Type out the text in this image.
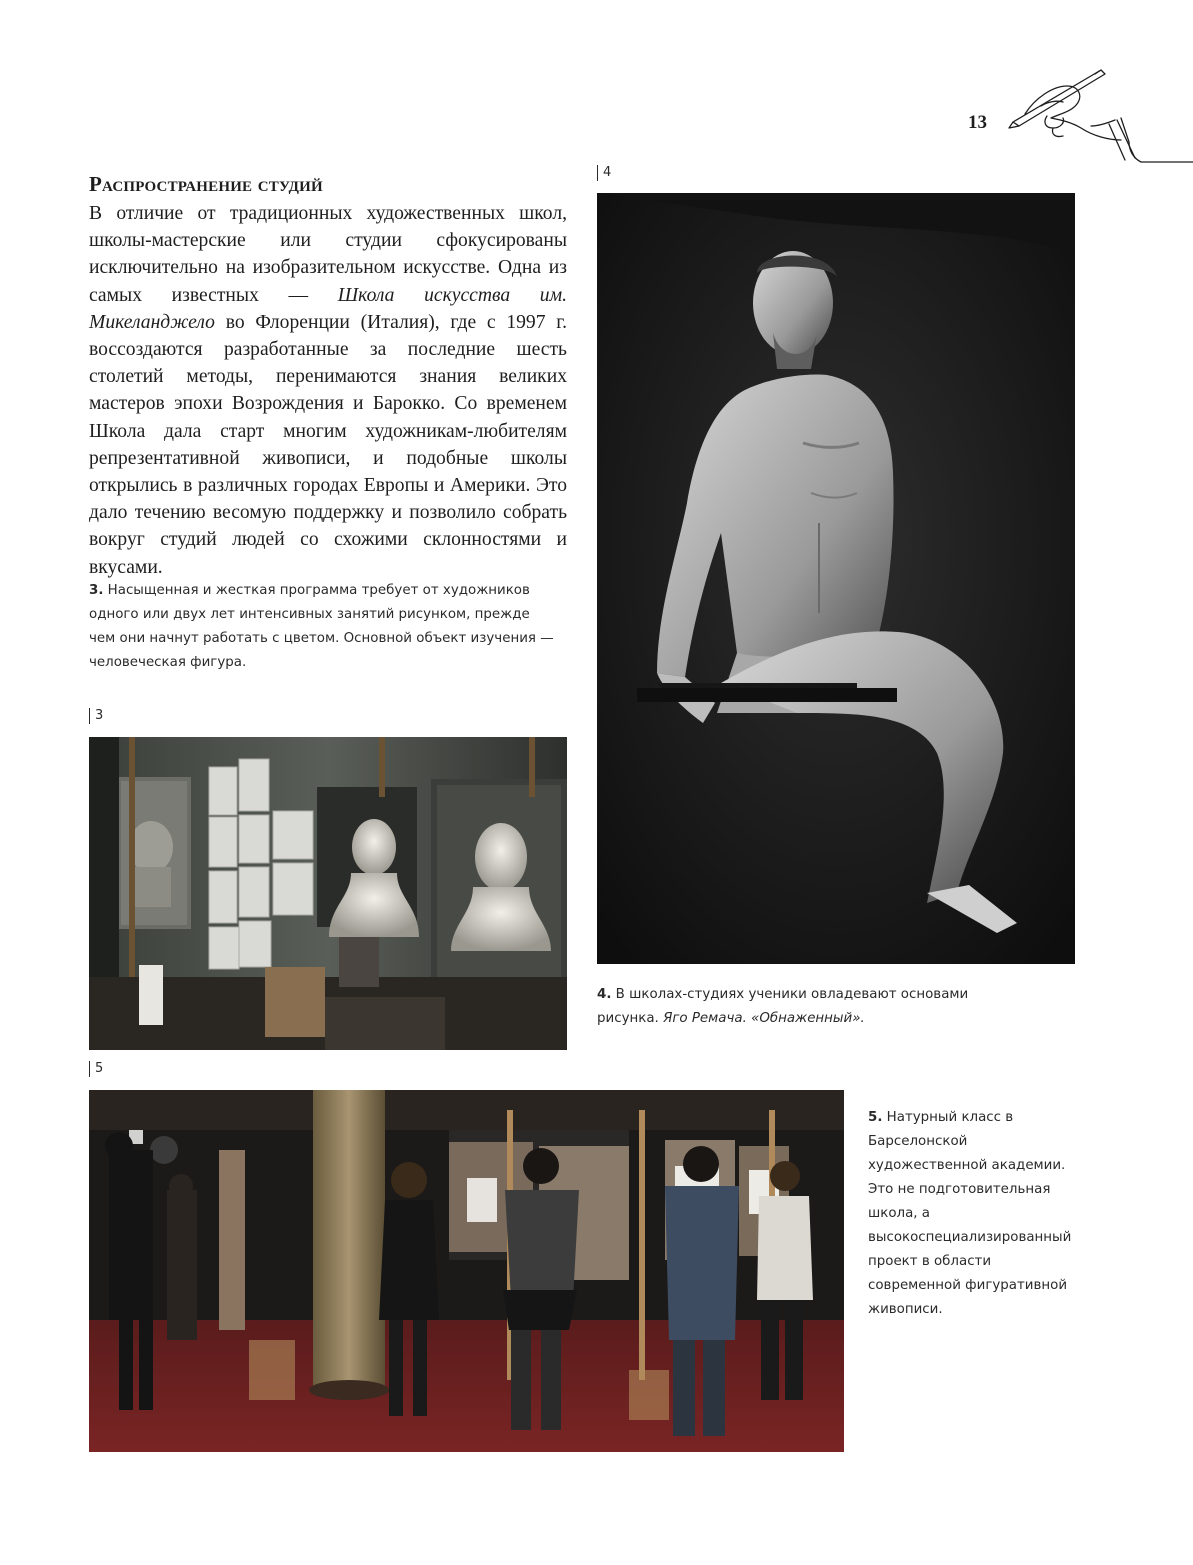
13
Распространение студий
В отличие от традиционных художественных школ, школы-мастерские или студии сфокусированы исключительно на изобразительном искусстве. Одна из самых известных — Школа искусства им. Микеланджело во Флоренции (Италия), где с 1997 г. воссоздаются разработанные за последние шесть столетий методы, перенимаются знания великих мастеров эпохи Возрождения и Барокко. Со временем Школа дала старт многим художникам-любителям репрезентативной живописи, и подобные школы открылись в различных городах Европы и Америки. Это дало течению весомую поддержку и позволило собрать вокруг студий людей со схожими склонностями и вкусами.
3. Насыщенная и жесткая программа требует от художников одного или двух лет интенсивных занятий рисунком, прежде чем они начнут работать с цветом. Основной объект изучения — человеческая фигура.
3
4
5
4. В школах-студиях ученики овладевают основами рисунка. Яго Ремача. «Обнаженный».
5. Натурный класс в Барселонской художественной академии. Это не подготовительная школа, а высокоспециализированный проект в области современной фигуративной живописи.
